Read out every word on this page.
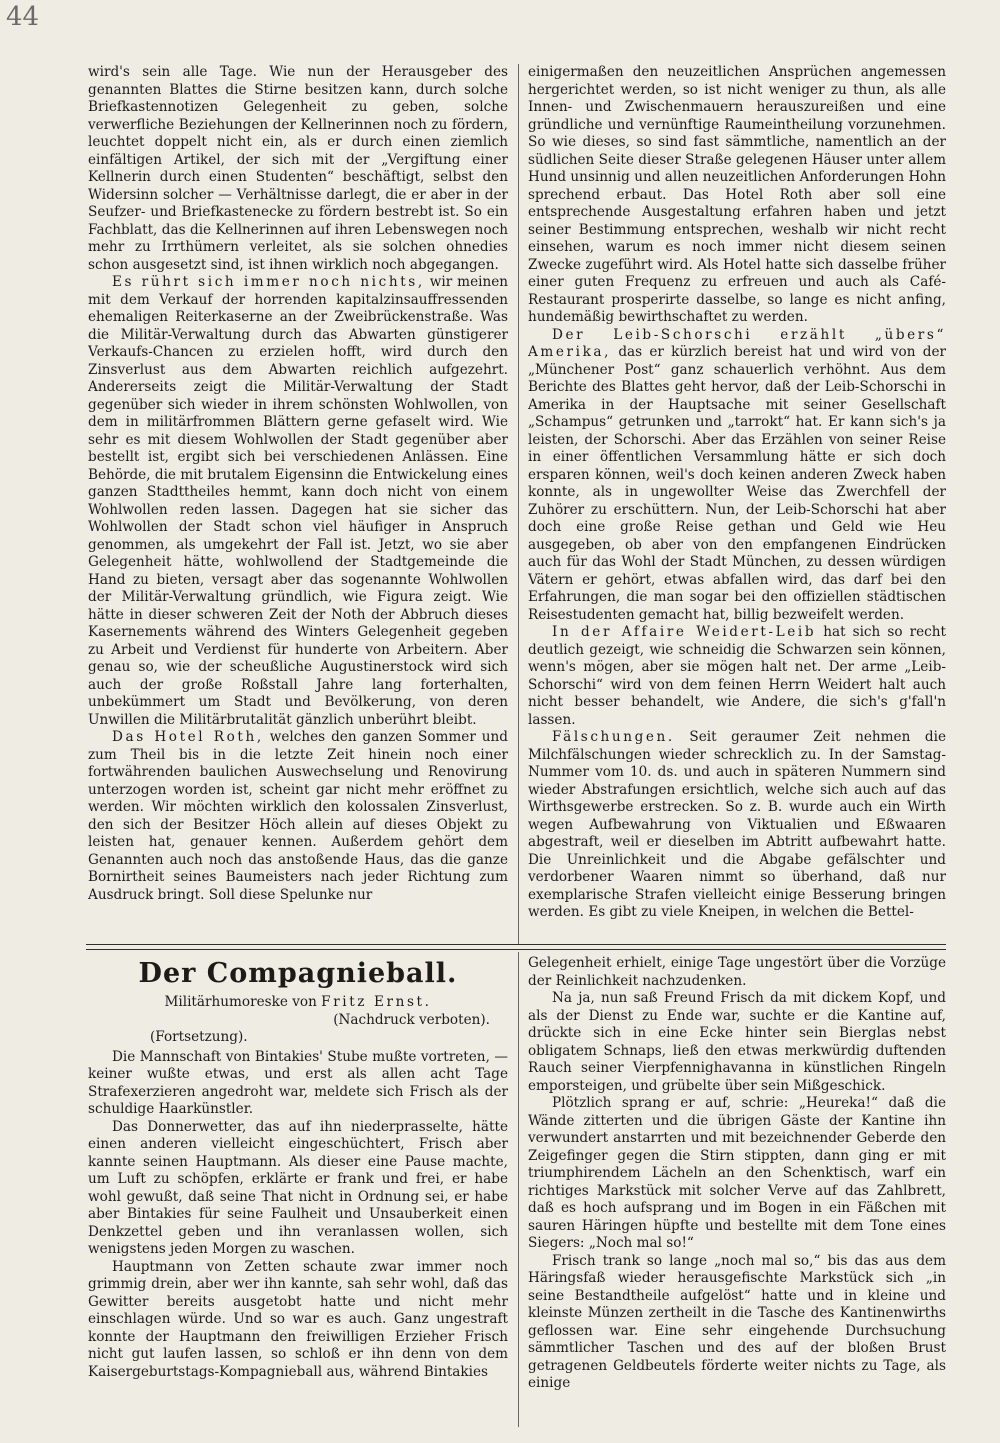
44

wird's sein alle Tage. Wie nun der Herausgeber des genannten Blattes die Stirne besitzen kann, durch solche Briefkastennotizen Gelegenheit zu geben, solche verwerfliche Beziehungen der Kellnerinnen noch zu fördern, leuchtet doppelt nicht ein, als er durch einen ziemlich einfältigen Artikel, der sich mit der „Vergiftung einer Kellnerin durch einen Studenten“ beschäftigt, selbst den Widersinn solcher — Verhältnisse darlegt, die er aber in der Seufzer- und Briefkastenecke zu fördern bestrebt ist. So ein Fachblatt, das die Kellnerinnen auf ihren Lebenswegen noch mehr zu Irrthümern verleitet, als sie solchen ohnedies schon ausgesetzt sind, ist ihnen wirklich noch abgegangen.

Es rührt sich immer noch nichts, wir meinen mit dem Verkauf der horrenden kapitalzinsauffressenden ehemaligen Reiterkaserne an der Zweibrückenstraße. Was die Militär-Verwaltung durch das Abwarten günstigerer Verkaufs-Chancen zu erzielen hofft, wird durch den Zinsverlust aus dem Abwarten reichlich aufgezehrt. Andererseits zeigt die Militär-Verwaltung der Stadt gegenüber sich wieder in ihrem schönsten Wohlwollen, von dem in militärfrommen Blättern gerne gefaselt wird. Wie sehr es mit diesem Wohlwollen der Stadt gegenüber aber bestellt ist, ergibt sich bei verschiedenen Anlässen. Eine Behörde, die mit brutalem Eigensinn die Entwickelung eines ganzen Stadttheiles hemmt, kann doch nicht von einem Wohlwollen reden lassen. Dagegen hat sie sicher das Wohlwollen der Stadt schon viel häufiger in Anspruch genommen, als umgekehrt der Fall ist. Jetzt, wo sie aber Gelegenheit hätte, wohlwollend der Stadtgemeinde die Hand zu bieten, versagt aber das sogenannte Wohlwollen der Militär-Verwaltung gründlich, wie Figura zeigt. Wie hätte in dieser schweren Zeit der Noth der Abbruch dieses Kasernements während des Winters Gelegenheit gegeben zu Arbeit und Verdienst für hunderte von Arbeitern. Aber genau so, wie der scheußliche Augustinerstock wird sich auch der große Roßstall Jahre lang forterhalten, unbekümmert um Stadt und Bevölkerung, von deren Unwillen die Militärbrutalität gänzlich unberührt bleibt.

Das Hotel Roth, welches den ganzen Sommer und zum Theil bis in die letzte Zeit hinein noch einer fortwährenden baulichen Auswechselung und Renovirung unterzogen worden ist, scheint gar nicht mehr eröffnet zu werden. Wir möchten wirklich den kolossalen Zinsverlust, den sich der Besitzer Höch allein auf dieses Objekt zu leisten hat, genauer kennen. Außerdem gehört dem Genannten auch noch das anstoßende Haus, das die ganze Bornirtheit seines Baumeisters nach jeder Richtung zum Ausdruck bringt. Soll diese Spelunke nur

einigermaßen den neuzeitlichen Ansprüchen angemessen hergerichtet werden, so ist nicht weniger zu thun, als alle Innen- und Zwischenmauern herauszureißen und eine gründliche und vernünftige Raumeintheilung vorzunehmen. So wie dieses, so sind fast sämmtliche, namentlich an der südlichen Seite dieser Straße gelegenen Häuser unter allem Hund unsinnig und allen neuzeitlichen Anforderungen Hohn sprechend erbaut. Das Hotel Roth aber soll eine entsprechende Ausgestaltung erfahren haben und jetzt seiner Bestimmung entsprechen, weshalb wir nicht recht einsehen, warum es noch immer nicht diesem seinen Zwecke zugeführt wird. Als Hotel hatte sich dasselbe früher einer guten Frequenz zu erfreuen und auch als Café-Restaurant prosperirte dasselbe, so lange es nicht anfing, hundemäßig bewirthschaftet zu werden.

Der Leib-Schorschi erzählt „übers“ Amerika, das er kürzlich bereist hat und wird von der „Münchener Post“ ganz schauerlich verhöhnt. Aus dem Berichte des Blattes geht hervor, daß der Leib-Schorschi in Amerika in der Hauptsache mit seiner Gesellschaft „Schampus“ getrunken und „tarrokt“ hat. Er kann sich's ja leisten, der Schorschi. Aber das Erzählen von seiner Reise in einer öffentlichen Versammlung hätte er sich doch ersparen können, weil's doch keinen anderen Zweck haben konnte, als in ungewollter Weise das Zwerchfell der Zuhörer zu erschüttern. Nun, der Leib-Schorschi hat aber doch eine große Reise gethan und Geld wie Heu ausgegeben, ob aber von den empfangenen Eindrücken auch für das Wohl der Stadt München, zu dessen würdigen Vätern er gehört, etwas abfallen wird, das darf bei den Erfahrungen, die man sogar bei den offiziellen städtischen Reisestudenten gemacht hat, billig bezweifelt werden.

In der Affaire Weidert-Leib hat sich so recht deutlich gezeigt, wie schneidig die Schwarzen sein können, wenn's mögen, aber sie mögen halt net. Der arme „Leib-Schorschi“ wird von dem feinen Herrn Weidert halt auch nicht besser behandelt, wie Andere, die sich's g'fall'n lassen.

Fälschungen. Seit geraumer Zeit nehmen die Milchfälschungen wieder schrecklich zu. In der Samstag-Nummer vom 10. ds. und auch in späteren Nummern sind wieder Abstrafungen ersichtlich, welche sich auch auf das Wirthsgewerbe erstrecken. So z. B. wurde auch ein Wirth wegen Aufbewahrung von Viktualien und Eßwaaren abgestraft, weil er dieselben im Abtritt aufbewahrt hatte. Die Unreinlichkeit und die Abgabe gefälschter und verdorbener Waaren nimmt so überhand, daß nur exemplarische Strafen vielleicht einige Besserung bringen werden. Es gibt zu viele Kneipen, in welchen die Bettel-

Der Compagnieball.
Militärhumoreske von Fritz Ernst.
(Nachdruck verboten).
(Fortsetzung).

Die Mannschaft von Bintakies' Stube mußte vortreten, — keiner wußte etwas, und erst als allen acht Tage Strafexerzieren angedroht war, meldete sich Frisch als der schuldige Haarkünstler.

Das Donnerwetter, das auf ihn niederprasselte, hätte einen anderen vielleicht eingeschüchtert, Frisch aber kannte seinen Hauptmann. Als dieser eine Pause machte, um Luft zu schöpfen, erklärte er frank und frei, er habe wohl gewußt, daß seine That nicht in Ordnung sei, er habe aber Bintakies für seine Faulheit und Unsauberkeit einen Denkzettel geben und ihn veranlassen wollen, sich wenigstens jeden Morgen zu waschen.

Hauptmann von Zetten schaute zwar immer noch grimmig drein, aber wer ihn kannte, sah sehr wohl, daß das Gewitter bereits ausgetobt hatte und nicht mehr einschlagen würde. Und so war es auch. Ganz ungestraft konnte der Hauptmann den freiwilligen Erzieher Frisch nicht gut laufen lassen, so schloß er ihn denn von dem Kaisergeburtstags-Kompagnieball aus, während Bintakies

Gelegenheit erhielt, einige Tage ungestört über die Vorzüge der Reinlichkeit nachzudenken.

Na ja, nun saß Freund Frisch da mit dickem Kopf, und als der Dienst zu Ende war, suchte er die Kantine auf, drückte sich in eine Ecke hinter sein Bierglas nebst obligatem Schnaps, ließ den etwas merkwürdig duftenden Rauch seiner Vierpfennighavanna in künstlichen Ringeln emporsteigen, und grübelte über sein Mißgeschick.

Plötzlich sprang er auf, schrie: „Heureka!“ daß die Wände zitterten und die übrigen Gäste der Kantine ihn verwundert anstarrten und mit bezeichnender Geberde den Zeigefinger gegen die Stirn stippten, dann ging er mit triumphirendem Lächeln an den Schenktisch, warf ein richtiges Markstück mit solcher Verve auf das Zahlbrett, daß es hoch aufsprang und im Bogen in ein Fäßchen mit sauren Häringen hüpfte und bestellte mit dem Tone eines Siegers: „Noch mal so!“

Frisch trank so lange „noch mal so,“ bis das aus dem Häringsfaß wieder herausgefischte Markstück sich „in seine Bestandtheile aufgelöst“ hatte und in kleine und kleinste Münzen zertheilt in die Tasche des Kantinenwirths geflossen war. Eine sehr eingehende Durchsuchung sämmtlicher Taschen und des auf der bloßen Brust getragenen Geldbeutels förderte weiter nichts zu Tage, als einige
